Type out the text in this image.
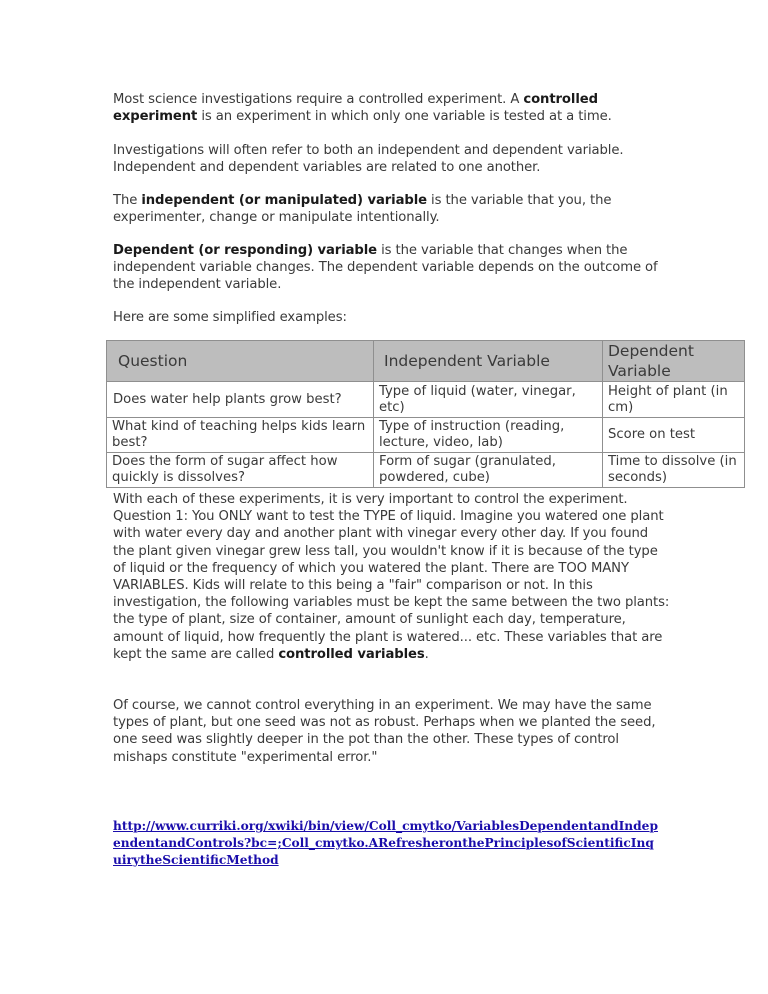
Most science investigations require a controlled experiment. A controlled experiment is an experiment in which only one variable is tested at a time.

Investigations will often refer to both an independent and dependent variable. Independent and dependent variables are related to one another.

The independent (or manipulated) variable is the variable that you, the experimenter, change or manipulate intentionally.

Dependent (or responding) variable is the variable that changes when the independent variable changes. The dependent variable depends on the outcome of the independent variable.

Here are some simplified examples:

Question	Independent Variable	Dependent Variable
Does water help plants grow best?	Type of liquid (water, vinegar, etc)	Height of plant (in cm)
What kind of teaching helps kids learn best?	Type of instruction (reading, lecture, video, lab)	Score on test
Does the form of sugar affect how quickly is dissolves?	Form of sugar (granulated, powdered, cube)	Time to dissolve (in seconds)

With each of these experiments, it is very important to control the experiment. Question 1: You ONLY want to test the TYPE of liquid. Imagine you watered one plant with water every day and another plant with vinegar every other day. If you found the plant given vinegar grew less tall, you wouldn't know if it is because of the type of liquid or the frequency of which you watered the plant. There are TOO MANY VARIABLES. Kids will relate to this being a "fair" comparison or not. In this investigation, the following variables must be kept the same between the two plants: the type of plant, size of container, amount of sunlight each day, temperature, amount of liquid, how frequently the plant is watered... etc. These variables that are kept the same are called controlled variables.

Of course, we cannot control everything in an experiment. We may have the same types of plant, but one seed was not as robust. Perhaps when we planted the seed, one seed was slightly deeper in the pot than the other. These types of control mishaps constitute "experimental error."

http://www.curriki.org/xwiki/bin/view/Coll_cmytko/VariablesDependentandIndependentandControls?bc=;Coll_cmytko.ARefresheronthePrinciplesofScientificInquirytheScientificMethod
